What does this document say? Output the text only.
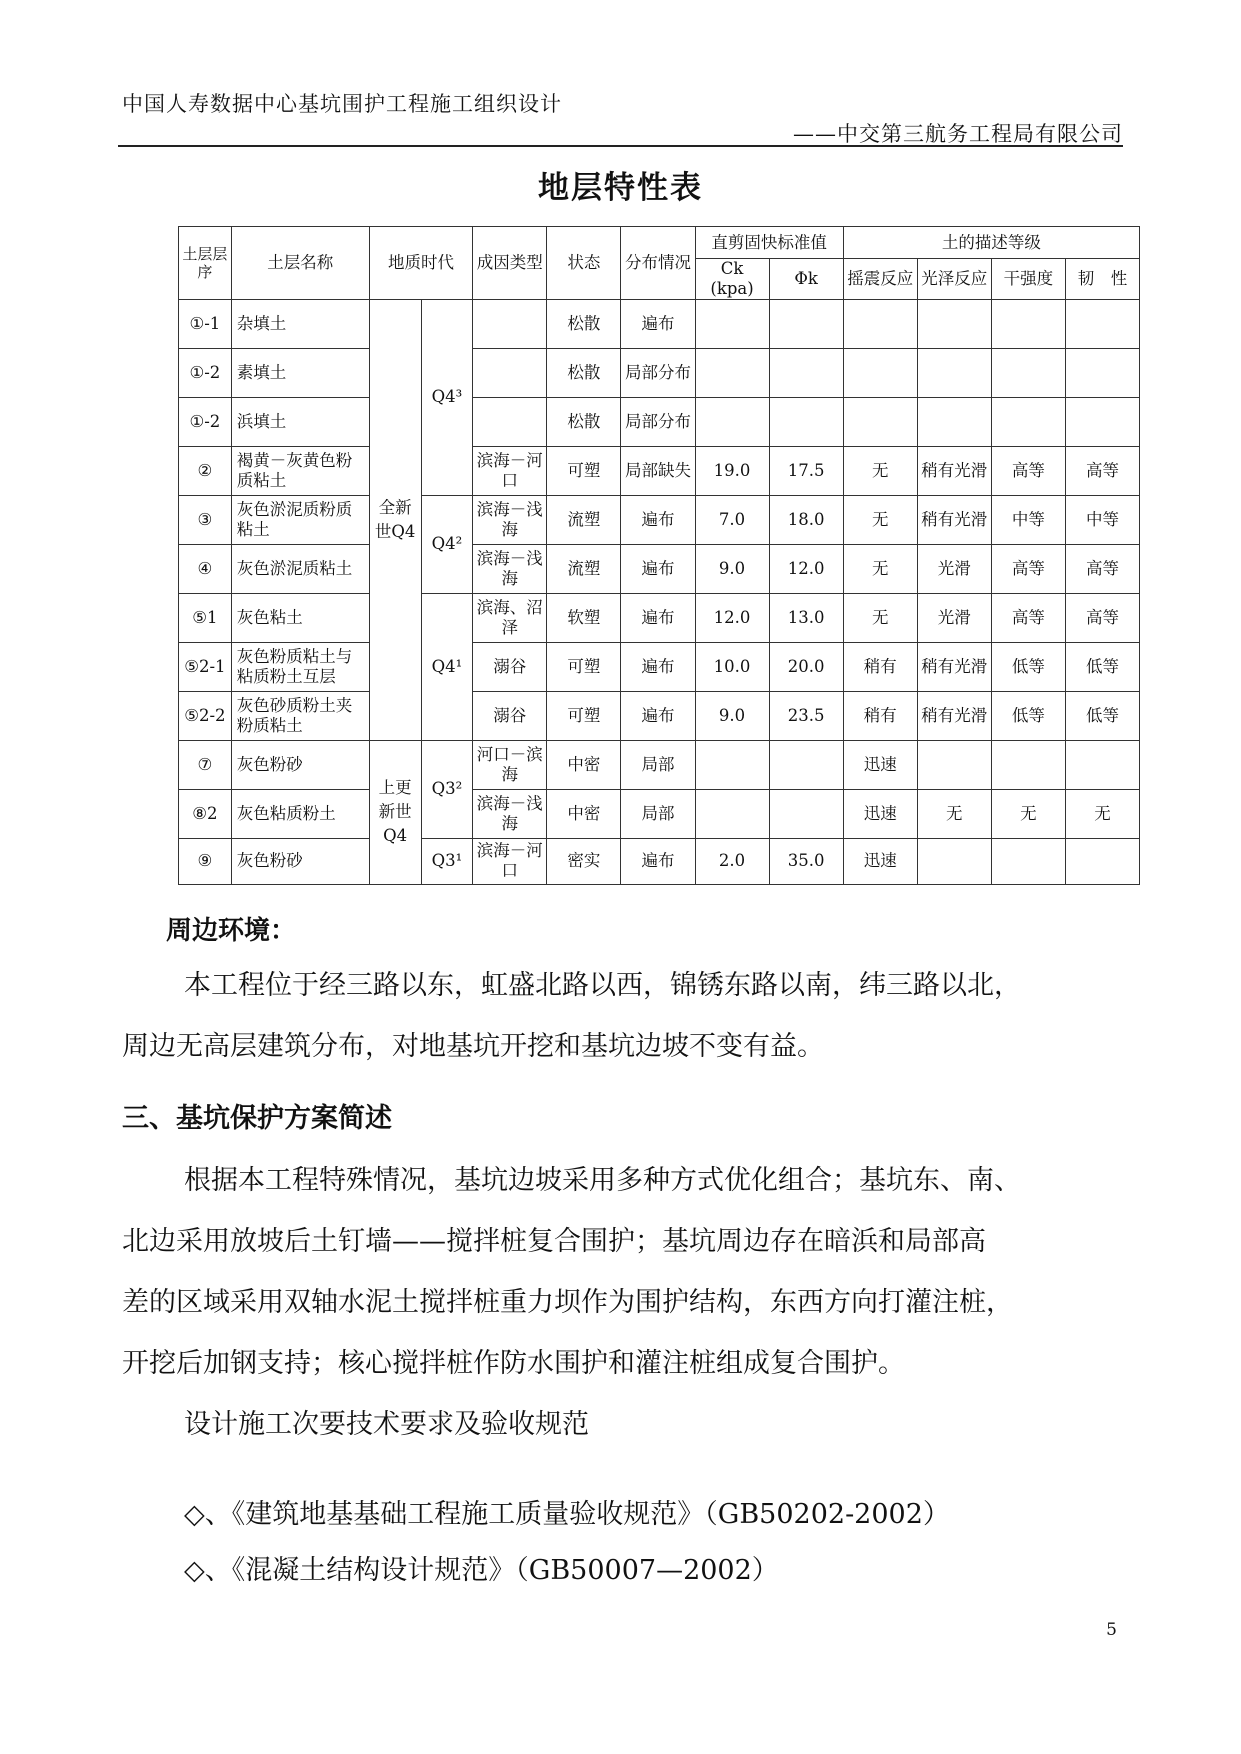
中国人寿数据中心基坑围护工程施工组织设计
——中交第三航务工程局有限公司
地层特性表
土层层序	土层名称	地质时代		成因类型	状态	分布情况	直剪固快标准值		土的描述等级			
							Ck (kpa)	Φk	摇震反应	光泽反应	干强度	韧　性
①-1	杂填土	全新世Q4	Q4³		松散	遍布						
①-2	素填土				松散	局部分布						
①-2	浜填土				松散	局部分布						
②	褐黄－灰黄色粉质粘土			滨海－河口	可塑	局部缺失	19.0	17.5	无	稍有光滑	高等	高等
③	灰色淤泥质粉质粘土		Q4²	滨海－浅海	流塑	遍布	7.0	18.0	无	稍有光滑	中等	中等
④	灰色淤泥质粘土			滨海－浅海	流塑	遍布	9.0	12.0	无	光滑	高等	高等
⑤1	灰色粘土		Q4¹	滨海、沼泽	软塑	遍布	12.0	13.0	无	光滑	高等	高等
⑤2-1	灰色粉质粘土与粘质粉土互层			溺谷	可塑	遍布	10.0	20.0	稍有	稍有光滑	低等	低等
⑤2-2	灰色砂质粉土夹粉质粘土			溺谷	可塑	遍布	9.0	23.5	稍有	稍有光滑	低等	低等
⑦	灰色粉砂	上更新世Q4	Q3²	河口－滨海	中密	局部			迅速			
⑧2	灰色粘质粉土			滨海－浅海	中密	局部			迅速	无	无	无
⑨	灰色粉砂		Q3¹	滨海－河口	密实	遍布	2.0	35.0	迅速			
周边环境：
本工程位于经三路以东，虹盛北路以西，锦锈东路以南，纬三路以北，
周边无高层建筑分布，对地基坑开挖和基坑边坡不变有益。
三、基坑保护方案简述
根据本工程特殊情况，基坑边坡采用多种方式优化组合；基坑东、南、
北边采用放坡后土钉墙——搅拌桩复合围护；基坑周边存在暗浜和局部高
差的区域采用双轴水泥土搅拌桩重力坝作为围护结构，东西方向打灌注桩，
开挖后加钢支持；核心搅拌桩作防水围护和灌注桩组成复合围护。
设计施工次要技术要求及验收规范
◇、《建筑地基基础工程施工质量验收规范》（GB50202-2002）
◇、《混凝土结构设计规范》（GB50007—2002）
5
